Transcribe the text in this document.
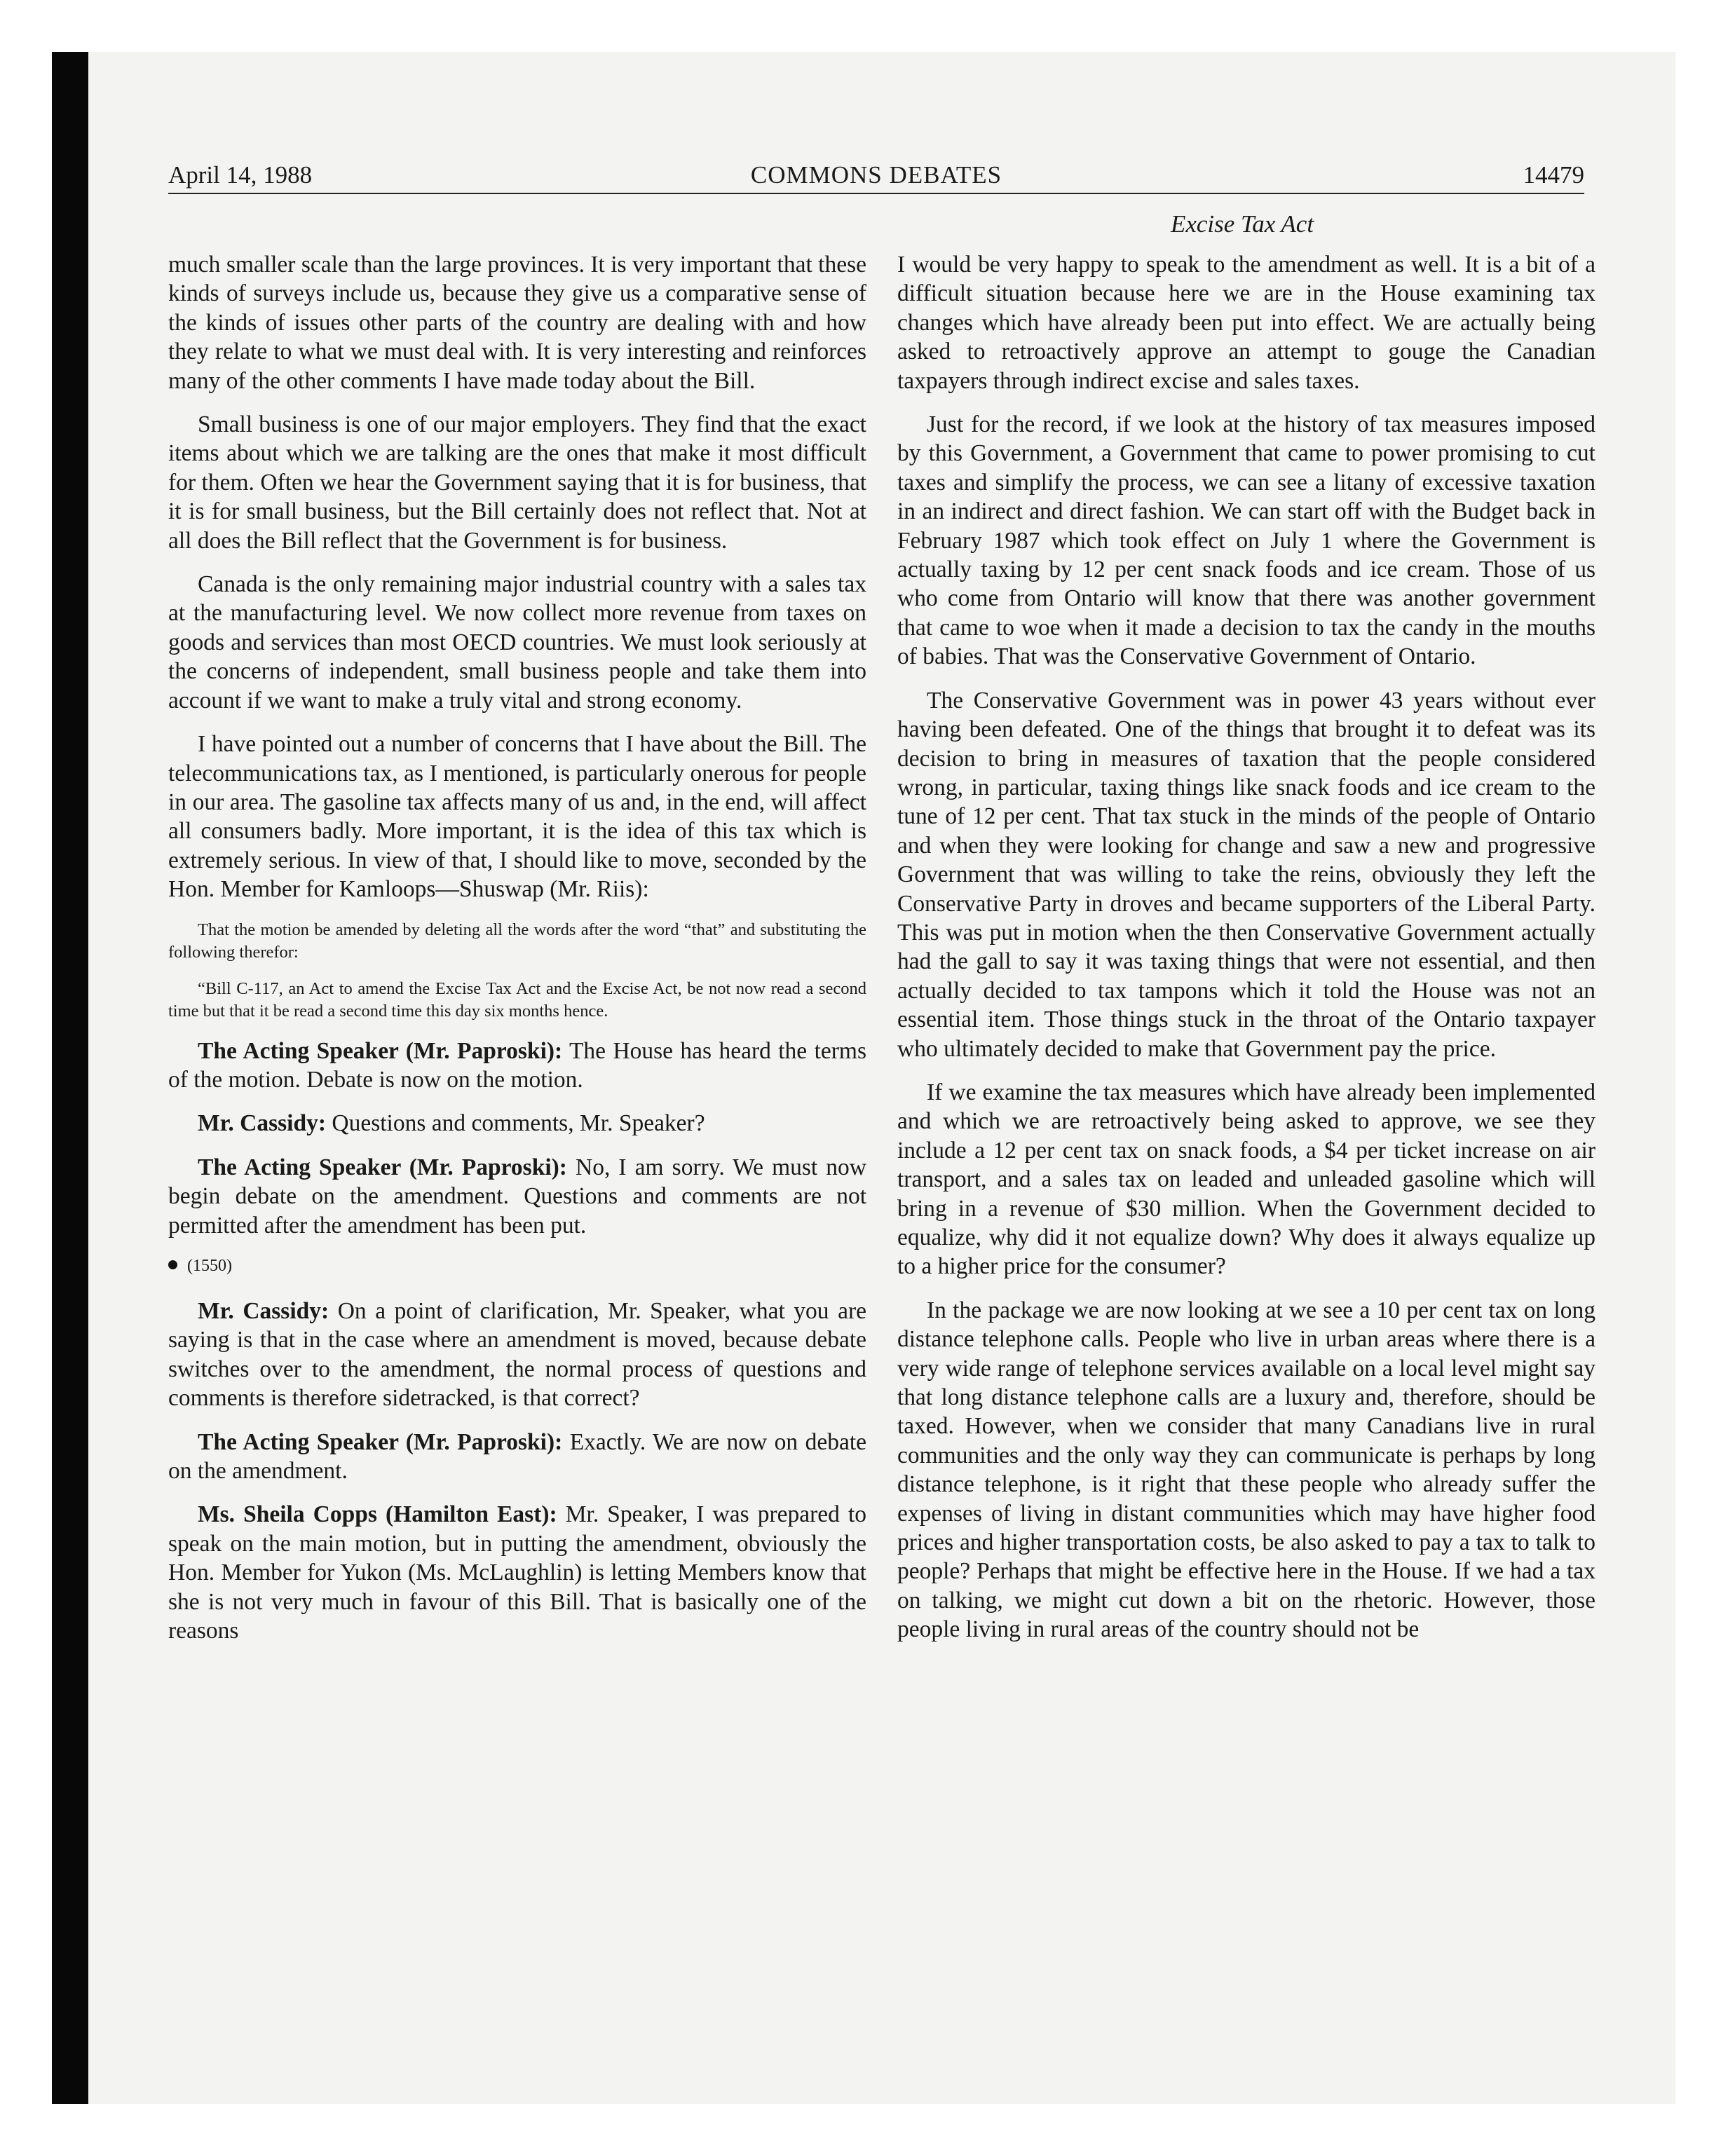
April 14, 1988	COMMONS DEBATES	14479
Excise Tax Act

much smaller scale than the large provinces. It is very important that these kinds of surveys include us, because they give us a comparative sense of the kinds of issues other parts of the country are dealing with and how they relate to what we must deal with. It is very interesting and reinforces many of the other comments I have made today about the Bill.

Small business is one of our major employers. They find that the exact items about which we are talking are the ones that make it most difficult for them. Often we hear the Government saying that it is for business, that it is for small business, but the Bill certainly does not reflect that. Not at all does the Bill reflect that the Government is for business.

Canada is the only remaining major industrial country with a sales tax at the manufacturing level. We now collect more revenue from taxes on goods and services than most OECD countries. We must look seriously at the concerns of independent, small business people and take them into account if we want to make a truly vital and strong economy.

I have pointed out a number of concerns that I have about the Bill. The telecommunications tax, as I mentioned, is particularly onerous for people in our area. The gasoline tax affects many of us and, in the end, will affect all consumers badly. More important, it is the idea of this tax which is extremely serious. In view of that, I should like to move, seconded by the Hon. Member for Kamloops—Shuswap (Mr. Riis):

That the motion be amended by deleting all the words after the word “that” and substituting the following therefor:

“Bill C-117, an Act to amend the Excise Tax Act and the Excise Act, be not now read a second time but that it be read a second time this day six months hence.

The Acting Speaker (Mr. Paproski): The House has heard the terms of the motion. Debate is now on the motion.

Mr. Cassidy: Questions and comments, Mr. Speaker?

The Acting Speaker (Mr. Paproski): No, I am sorry. We must now begin debate on the amendment. Questions and comments are not permitted after the amendment has been put.

(1550)

Mr. Cassidy: On a point of clarification, Mr. Speaker, what you are saying is that in the case where an amendment is moved, because debate switches over to the amendment, the normal process of questions and comments is therefore sidetracked, is that correct?

The Acting Speaker (Mr. Paproski): Exactly. We are now on debate on the amendment.

Ms. Sheila Copps (Hamilton East): Mr. Speaker, I was prepared to speak on the main motion, but in putting the amendment, obviously the Hon. Member for Yukon (Ms. McLaughlin) is letting Members know that she is not very much in favour of this Bill. That is basically one of the reasons

I would be very happy to speak to the amendment as well. It is a bit of a difficult situation because here we are in the House examining tax changes which have already been put into effect. We are actually being asked to retroactively approve an attempt to gouge the Canadian taxpayers through indirect excise and sales taxes.

Just for the record, if we look at the history of tax measures imposed by this Government, a Government that came to power promising to cut taxes and simplify the process, we can see a litany of excessive taxation in an indirect and direct fashion. We can start off with the Budget back in February 1987 which took effect on July 1 where the Government is actually taxing by 12 per cent snack foods and ice cream. Those of us who come from Ontario will know that there was another government that came to woe when it made a decision to tax the candy in the mouths of babies. That was the Conservative Government of Ontario.

The Conservative Government was in power 43 years without ever having been defeated. One of the things that brought it to defeat was its decision to bring in measures of taxation that the people considered wrong, in particular, taxing things like snack foods and ice cream to the tune of 12 per cent. That tax stuck in the minds of the people of Ontario and when they were looking for change and saw a new and progressive Government that was willing to take the reins, obviously they left the Conservative Party in droves and became supporters of the Liberal Party. This was put in motion when the then Conservative Government actually had the gall to say it was taxing things that were not essential, and then actually decided to tax tampons which it told the House was not an essential item. Those things stuck in the throat of the Ontario taxpayer who ultimately decided to make that Government pay the price.

If we examine the tax measures which have already been implemented and which we are retroactively being asked to approve, we see they include a 12 per cent tax on snack foods, a $4 per ticket increase on air transport, and a sales tax on leaded and unleaded gasoline which will bring in a revenue of $30 million. When the Government decided to equalize, why did it not equalize down? Why does it always equalize up to a higher price for the consumer?

In the package we are now looking at we see a 10 per cent tax on long distance telephone calls. People who live in urban areas where there is a very wide range of telephone services available on a local level might say that long distance telephone calls are a luxury and, therefore, should be taxed. However, when we consider that many Canadians live in rural communities and the only way they can communicate is perhaps by long distance telephone, is it right that these people who already suffer the expenses of living in distant communities which may have higher food prices and higher transportation costs, be also asked to pay a tax to talk to people? Perhaps that might be effective here in the House. If we had a tax on talking, we might cut down a bit on the rhetoric. However, those people living in rural areas of the country should not be
